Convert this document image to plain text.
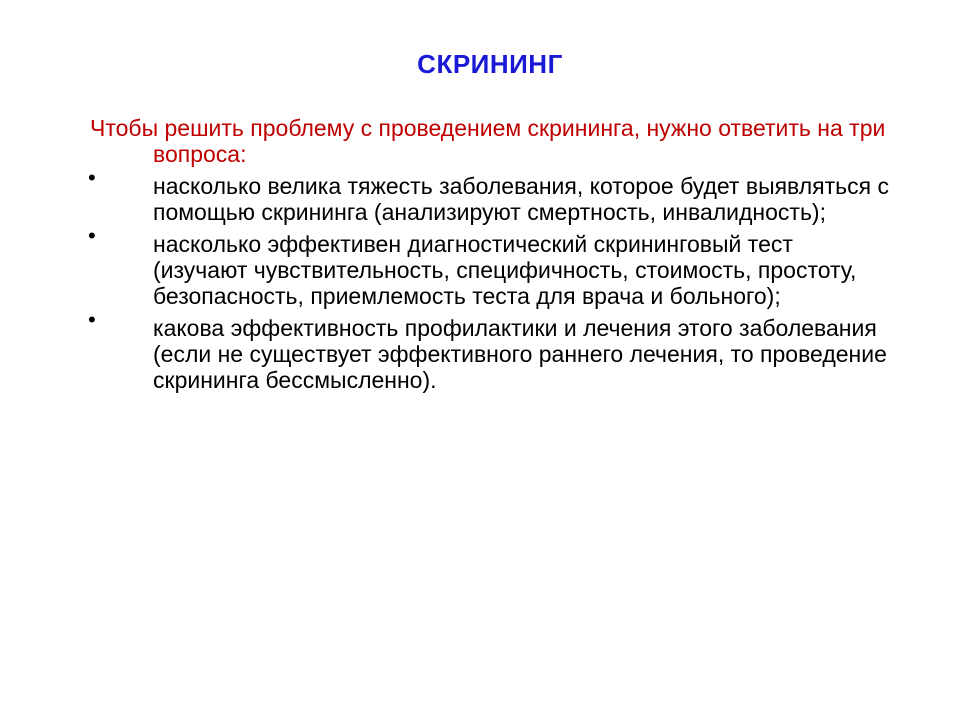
СКРИНИНГ

Чтобы решить проблему с проведением скрининга, нужно ответить на три вопроса:

• насколько велика тяжесть заболевания, которое будет выявляться с помощью скрининга (анализируют смертность, инвалидность);
• насколько эффективен диагностический скрининговый тест (изучают чувствительность, специфичность, стоимость, простоту, безопасность, приемлемость теста для врача и больного);
• какова эффективность профилактики и лечения этого заболевания (если не существует эффективного раннего лечения, то проведение скрининга бессмысленно).
